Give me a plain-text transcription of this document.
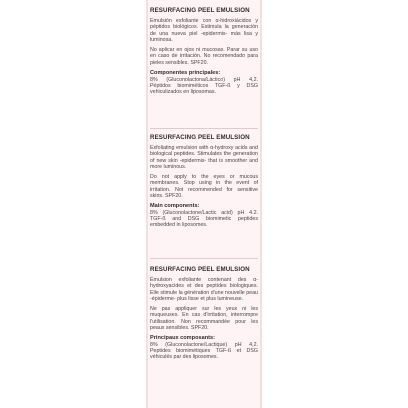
RESURFACING PEEL EMULSION

Emulsión exfoliante con α-hidroxiácidos y péptidos biológicos. Estimula la generación de una nueva piel -epidermis- más lisa y luminosa.

No aplicar en ojos ni mucosas. Parar su uso en caso de irritación. No recomendado para pieles sensibles. SPF20.

Componentes principales:

8% (Gluconolactona/Láctico) pH 4,2. Péptidos biomiméticos TGF-ß y DSG vehiculizados en liposomas.

RESURFACING PEEL EMULSION

Exfoliating emulsion with α-hydroxy acids and biological peptides. Stimulates the generation of new skin -epidermis- that is smoother and more luminous.

Do not apply to the eyes or mucous membranes. Stop using in the event of irritation. Not recommended for sensitive skins. SPF20.

Main components:

8% (Gluconolactone/Lactic acid) pH 4.2. TGF-ß and DSG biomimetic peptides embedded in liposomes.

RESURFACING PEEL EMULSION

Émulsion exfoliante contenant des α-hydroxyacides et des peptides biologiques. Elle stimule la génération d'une nouvelle peau -épiderme- plus lisse et plus lumineuse.

Ne pas appliquer sur les yeux ni les muqueuses. En cas d'irritation, interrompre l'utilisation. Non recommandée pour les peaux sensibles. SPF20.

Principaux composants:

8% (Gluconolactone/Lactique) pH 4,2. Peptides biomimétiques TGF-ß et DSG véhiculés par des liposomes.
